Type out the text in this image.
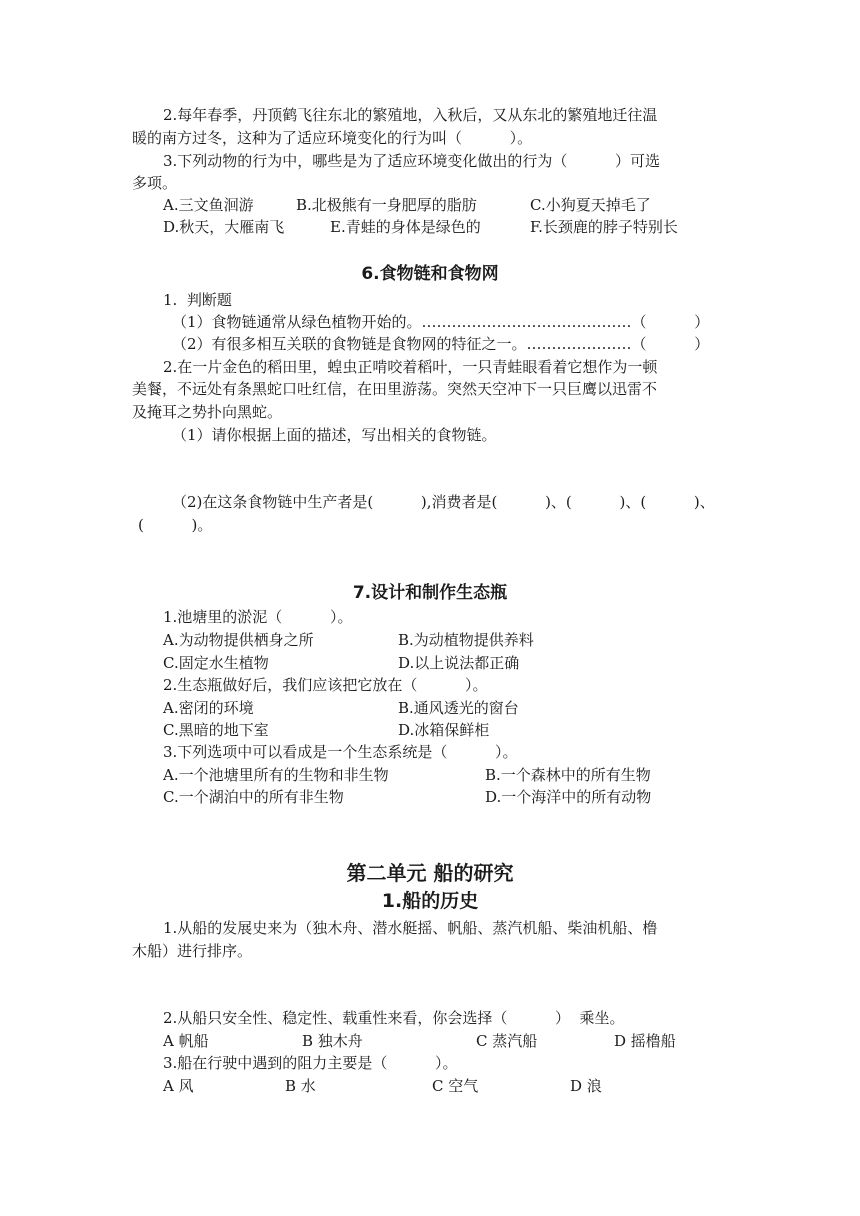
2.每年春季，丹顶鹤飞往东北的繁殖地，入秋后，又从东北的繁殖地迁往温
暖的南方过冬，这种为了适应环境变化的行为叫（          ）。
3.下列动物的行为中，哪些是为了适应环境变化做出的行为（          ）可选
多项。
A.三文鱼洄游	B.北极熊有一身肥厚的脂肪	C.小狗夏天掉毛了
D.秋天，大雁南飞	E.青蛙的身体是绿色的	F.长颈鹿的脖子特别长
6.食物链和食物网
1.  判断题
（1）食物链通常从绿色植物开始的。……………………………………（          ）
（2）有很多相互关联的食物链是食物网的特征之一。…………………（          ）
2.在一片金色的稻田里，蝗虫正啃咬着稻叶，一只青蛙眼看着它想作为一顿
美餐，不远处有条黑蛇口吐红信，在田里游荡。突然天空冲下一只巨鹰以迅雷不
及掩耳之势扑向黑蛇。
（1）请你根据上面的描述，写出相关的食物链。
（2)在这条食物链中生产者是(          ),消费者是(          )、(          )、(          )、
(          )。
7.设计和制作生态瓶
1.池塘里的淤泥（          ）。
A.为动物提供栖身之所	B.为动植物提供养料
C.固定水生植物	D.以上说法都正确
2.生态瓶做好后，我们应该把它放在（          ）。
A.密闭的环境	B.通风透光的窗台
C.黑暗的地下室	D.冰箱保鲜柜
3.下列选项中可以看成是一个生态系统是（          ）。
A.一个池塘里所有的生物和非生物	B.一个森林中的所有生物
C.一个湖泊中的所有非生物	D.一个海洋中的所有动物
第二单元 船的研究
1.船的历史
1.从船的发展史来为（独木舟、潜水艇摇、帆船、蒸汽机船、柴油机船、橹
木船）进行排序。
2.从船只安全性、稳定性、载重性来看，你会选择（          ）  乘坐。
A 帆船	B 独木舟	C 蒸汽船	D 摇橹船
3.船在行驶中遇到的阻力主要是（          ）。
A 风	B 水	C 空气	D 浪
